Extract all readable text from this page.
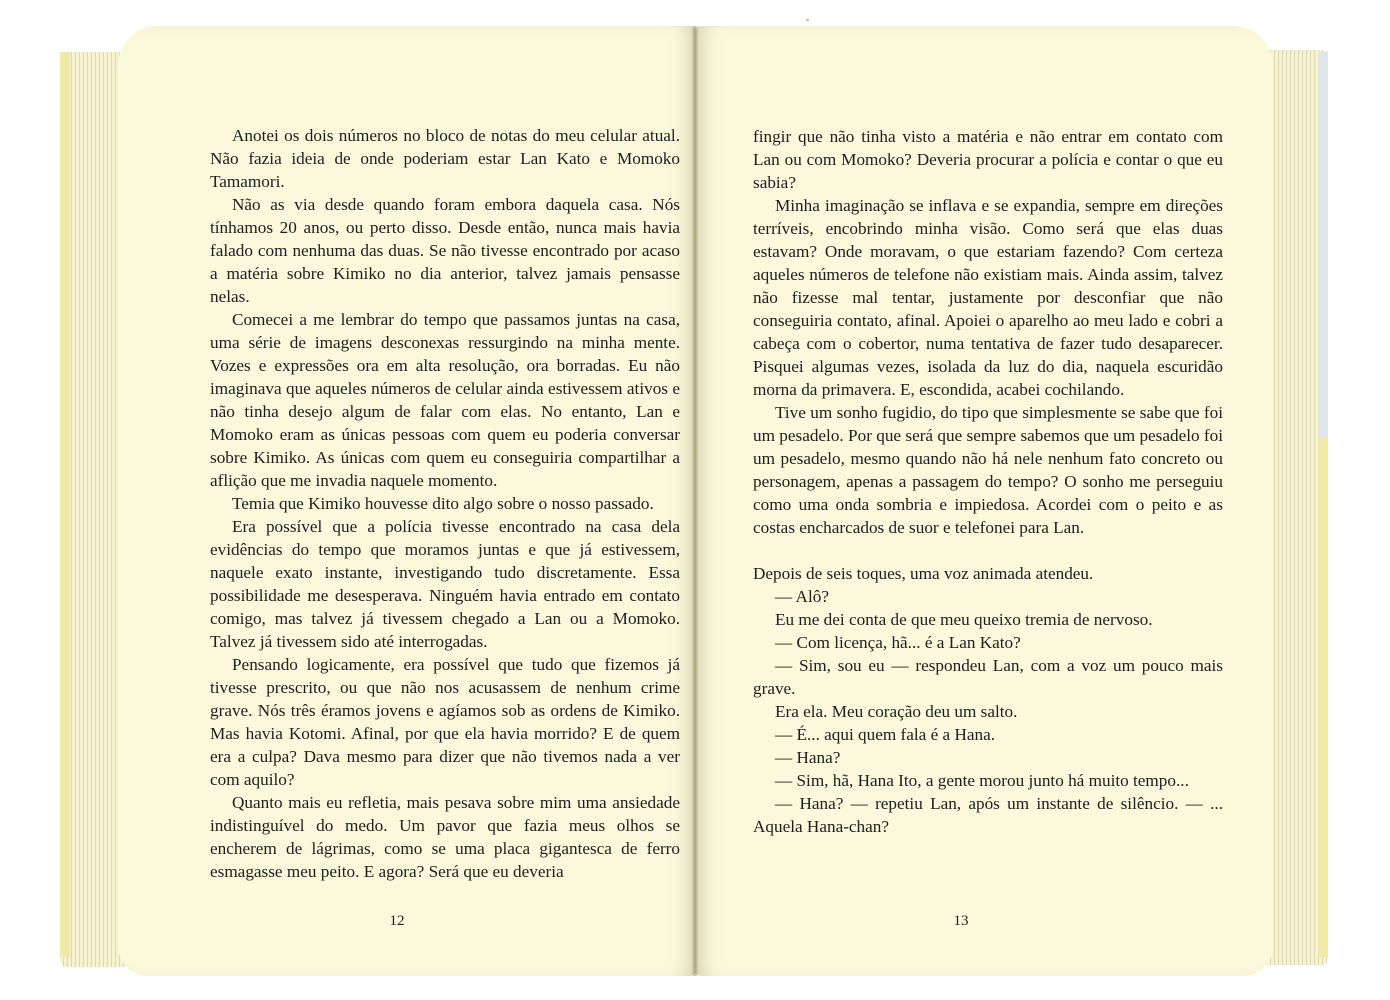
Anotei os dois números no bloco de notas do meu celular atual. Não fazia ideia de onde poderiam estar Lan Kato e Momoko Tamamori.

Não as via desde quando foram embora daquela casa. Nós tínhamos 20 anos, ou perto disso. Desde então, nunca mais havia falado com nenhuma das duas. Se não tivesse encontrado por acaso a matéria sobre Kimiko no dia anterior, talvez jamais pensasse nelas.

Comecei a me lembrar do tempo que passamos juntas na casa, uma série de imagens desconexas ressurgindo na minha mente. Vozes e expressões ora em alta resolução, ora borradas. Eu não imaginava que aqueles números de celular ainda estivessem ativos e não tinha desejo algum de falar com elas. No entanto, Lan e Momoko eram as únicas pessoas com quem eu poderia conversar sobre Kimiko. As únicas com quem eu conseguiria compartilhar a aflição que me invadia naquele momento.

Temia que Kimiko houvesse dito algo sobre o nosso passado.

Era possível que a polícia tivesse encontrado na casa dela evidências do tempo que moramos juntas e que já estivessem, naquele exato instante, investigando tudo discretamente. Essa possibilidade me desesperava. Ninguém havia entrado em contato comigo, mas talvez já tivessem chegado a Lan ou a Momoko. Talvez já tivessem sido até interrogadas.

Pensando logicamente, era possível que tudo que fizemos já tivesse prescrito, ou que não nos acusassem de nenhum crime grave. Nós três éramos jovens e agíamos sob as ordens de Kimiko. Mas havia Kotomi. Afinal, por que ela havia morrido? E de quem era a culpa? Dava mesmo para dizer que não tivemos nada a ver com aquilo?

Quanto mais eu refletia, mais pesava sobre mim uma ansiedade indistinguível do medo. Um pavor que fazia meus olhos se encherem de lágrimas, como se uma placa gigantesca de ferro esmagasse meu peito. E agora? Será que eu deveria

12

fingir que não tinha visto a matéria e não entrar em contato com Lan ou com Momoko? Deveria procurar a polícia e contar o que eu sabia?

Minha imaginação se inflava e se expandia, sempre em direções terríveis, encobrindo minha visão. Como será que elas duas estavam? Onde moravam, o que estariam fazendo? Com certeza aqueles números de telefone não existiam mais. Ainda assim, talvez não fizesse mal tentar, justamente por desconfiar que não conseguiria contato, afinal. Apoiei o aparelho ao meu lado e cobri a cabeça com o cobertor, numa tentativa de fazer tudo desaparecer. Pisquei algumas vezes, isolada da luz do dia, naquela escuridão morna da primavera. E, escondida, acabei cochilando.

Tive um sonho fugidio, do tipo que simplesmente se sabe que foi um pesadelo. Por que será que sempre sabemos que um pesadelo foi um pesadelo, mesmo quando não há nele nenhum fato concreto ou personagem, apenas a passagem do tempo? O sonho me perseguiu como uma onda sombria e impiedosa. Acordei com o peito e as costas encharcados de suor e telefonei para Lan.

Depois de seis toques, uma voz animada atendeu.

— Alô?

Eu me dei conta de que meu queixo tremia de nervoso.

— Com licença, hã... é a Lan Kato?

— Sim, sou eu — respondeu Lan, com a voz um pouco mais grave.

Era ela. Meu coração deu um salto.

— É... aqui quem fala é a Hana.

— Hana?

— Sim, hã, Hana Ito, a gente morou junto há muito tempo...

— Hana? — repetiu Lan, após um instante de silêncio. — ... Aquela Hana-chan?

13
